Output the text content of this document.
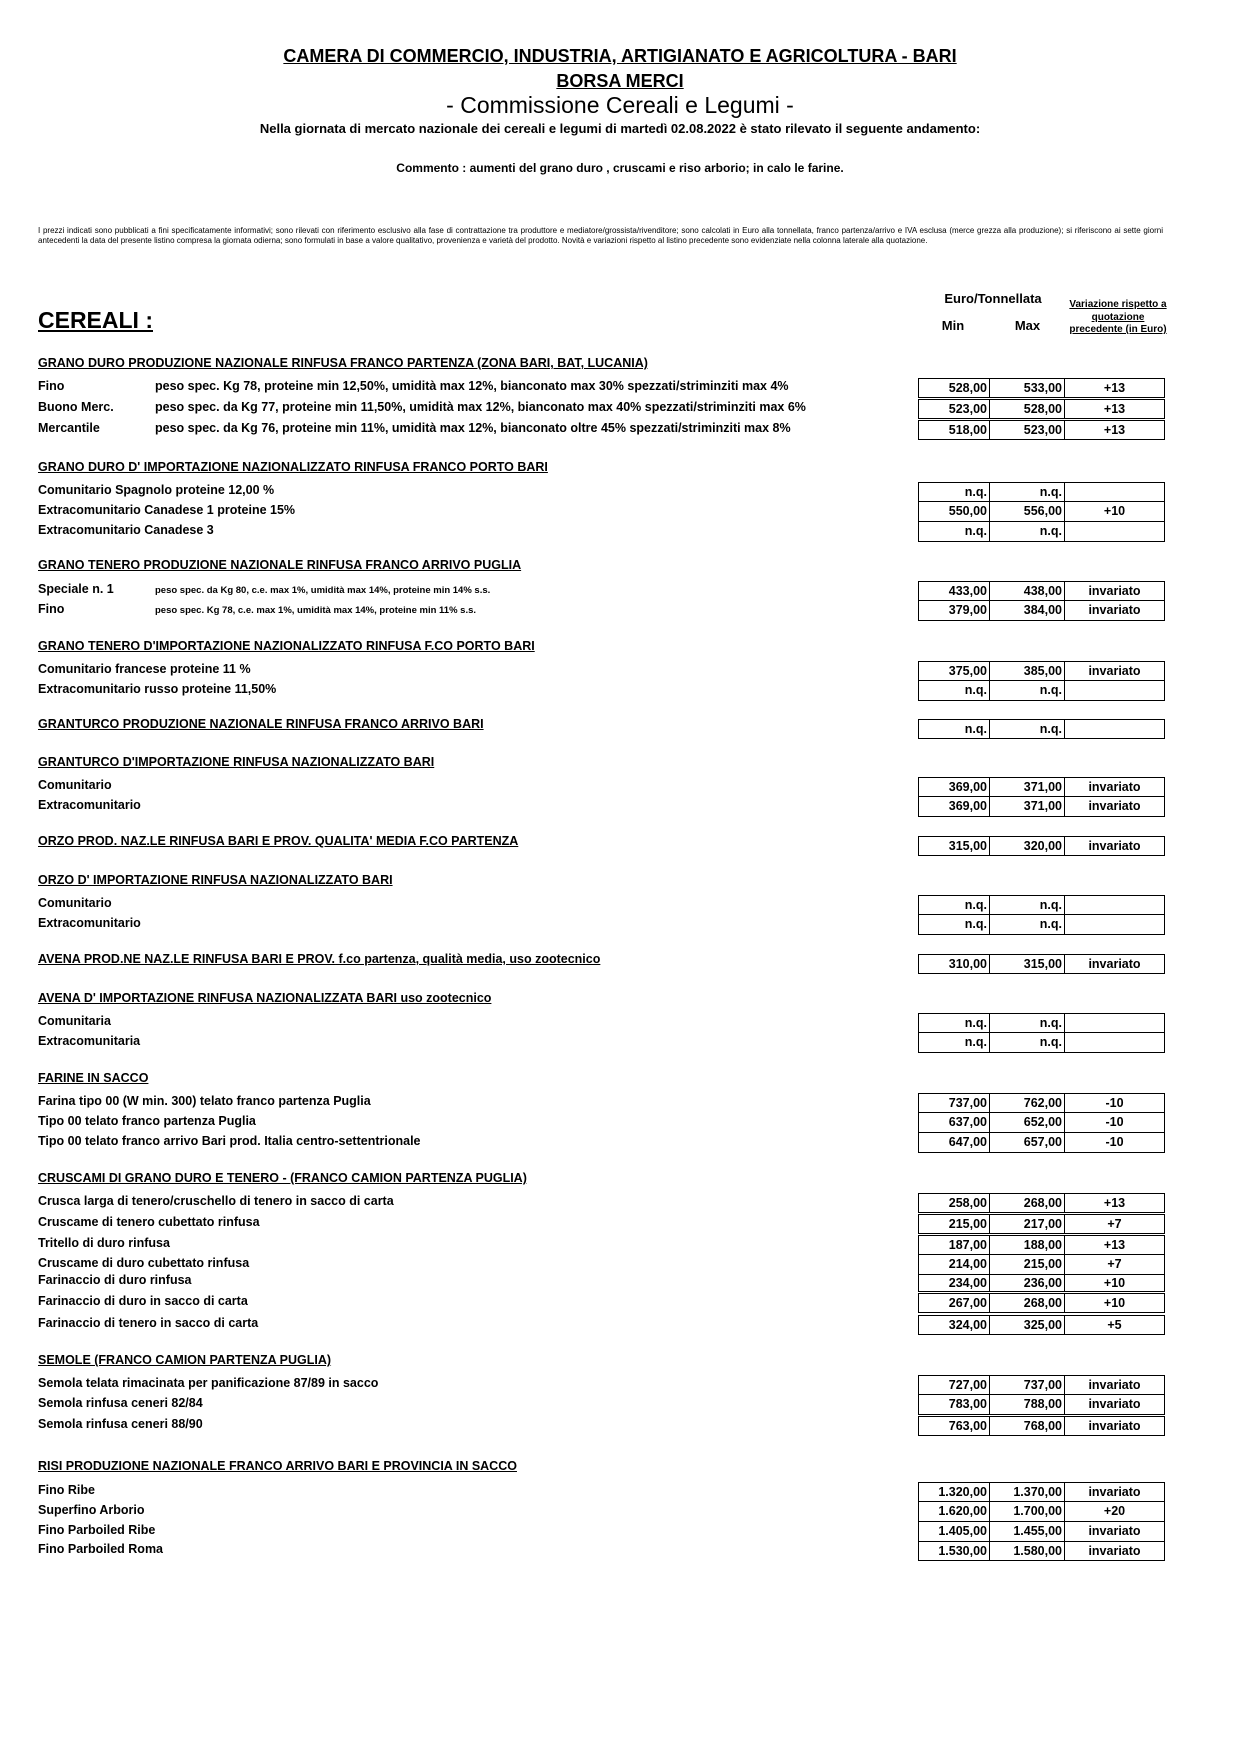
CAMERA DI COMMERCIO, INDUSTRIA, ARTIGIANATO E AGRICOLTURA - BARI
BORSA MERCI
- Commissione Cereali e Legumi -
Nella giornata di mercato nazionale dei cereali e legumi di martedì 02.08.2022 è stato rilevato il seguente andamento:
Commento : aumenti del grano duro , cruscami e riso arborio; in calo le farine.
I prezzi indicati sono pubblicati a fini specificatamente informativi; sono rilevati con riferimento esclusivo alla fase di contrattazione tra produttore e mediatore/grossista/rivenditore; sono calcolati in Euro alla tonnellata, franco partenza/arrivo e IVA esclusa (merce grezza alla produzione); si riferiscono ai sette giorni antecedenti la data del presente listino compresa la giornata odierna; sono formulati in base a valore qualitativo, provenienza e varietà del prodotto. Novità e variazioni rispetto al listino precedente sono evidenziate nella colonna laterale alla quotazione.
CEREALI :
Euro/Tonnellata
Min	Max
Variazione rispetto a quotazione precedente (in Euro)
GRANO DURO PRODUZIONE NAZIONALE RINFUSA FRANCO PARTENZA (ZONA BARI, BAT, LUCANIA)
Fino	peso spec. Kg 78, proteine min 12,50%, umidità max 12%, bianconato max 30% spezzati/striminziti max 4%	528,00	533,00	+13
Buono Merc.	peso spec. da Kg 77, proteine min 11,50%, umidità max 12%, bianconato max 40% spezzati/striminziti max 6%	523,00	528,00	+13
Mercantile	peso spec. da Kg 76, proteine min 11%, umidità max 12%, bianconato oltre 45% spezzati/striminziti max 8%	518,00	523,00	+13
GRANO DURO D' IMPORTAZIONE NAZIONALIZZATO RINFUSA FRANCO PORTO BARI
Comunitario Spagnolo proteine 12,00 %	n.q.	n.q.
Extracomunitario Canadese 1 proteine 15%	550,00	556,00	+10
Extracomunitario Canadese 3	n.q.	n.q.
GRANO TENERO PRODUZIONE NAZIONALE RINFUSA FRANCO ARRIVO PUGLIA
Speciale n. 1	peso spec. da Kg 80, c.e. max 1%, umidità max 14%, proteine min 14% s.s.	433,00	438,00	invariato
Fino	peso spec. Kg 78, c.e. max 1%, umidità max 14%, proteine min 11% s.s.	379,00	384,00	invariato
GRANO TENERO D'IMPORTAZIONE NAZIONALIZZATO RINFUSA F.CO PORTO BARI
Comunitario francese proteine 11 %	375,00	385,00	invariato
Extracomunitario russo proteine 11,50%	n.q.	n.q.
GRANTURCO PRODUZIONE NAZIONALE RINFUSA FRANCO ARRIVO BARI	n.q.	n.q.
GRANTURCO D'IMPORTAZIONE RINFUSA NAZIONALIZZATO BARI
Comunitario	369,00	371,00	invariato
Extracomunitario	369,00	371,00	invariato
ORZO PROD. NAZ.LE RINFUSA BARI E PROV. QUALITA' MEDIA F.CO PARTENZA	315,00	320,00	invariato
ORZO D' IMPORTAZIONE RINFUSA NAZIONALIZZATO BARI
Comunitario	n.q.	n.q.
Extracomunitario	n.q.	n.q.
AVENA PROD.NE NAZ.LE RINFUSA BARI E PROV. f.co partenza, qualità media, uso zootecnico	310,00	315,00	invariato
AVENA D' IMPORTAZIONE RINFUSA NAZIONALIZZATA BARI uso zootecnico
Comunitaria	n.q.	n.q.
Extracomunitaria	n.q.	n.q.
FARINE IN SACCO
Farina tipo 00 (W min. 300) telato franco partenza Puglia	737,00	762,00	-10
Tipo 00 telato franco partenza Puglia	637,00	652,00	-10
Tipo 00 telato franco arrivo Bari prod. Italia centro-settentrionale	647,00	657,00	-10
CRUSCAMI DI GRANO DURO E TENERO - (FRANCO CAMION PARTENZA PUGLIA)
Crusca larga di tenero/cruschello di tenero in sacco di carta	258,00	268,00	+13
Cruscame di tenero cubettato rinfusa	215,00	217,00	+7
Tritello di duro rinfusa	187,00	188,00	+13
Cruscame di duro cubettato rinfusa	214,00	215,00	+7
Farinaccio di duro rinfusa	234,00	236,00	+10
Farinaccio di duro in sacco di carta	267,00	268,00	+10
Farinaccio di tenero in sacco di carta	324,00	325,00	+5
SEMOLE (FRANCO CAMION PARTENZA PUGLIA)
Semola telata rimacinata per panificazione 87/89 in sacco	727,00	737,00	invariato
Semola rinfusa ceneri 82/84	783,00	788,00	invariato
Semola rinfusa ceneri 88/90	763,00	768,00	invariato
RISI PRODUZIONE NAZIONALE FRANCO ARRIVO BARI E PROVINCIA IN SACCO
Fino Ribe	1.320,00	1.370,00	invariato
Superfino Arborio	1.620,00	1.700,00	+20
Fino Parboiled Ribe	1.405,00	1.455,00	invariato
Fino Parboiled Roma	1.530,00	1.580,00	invariato
